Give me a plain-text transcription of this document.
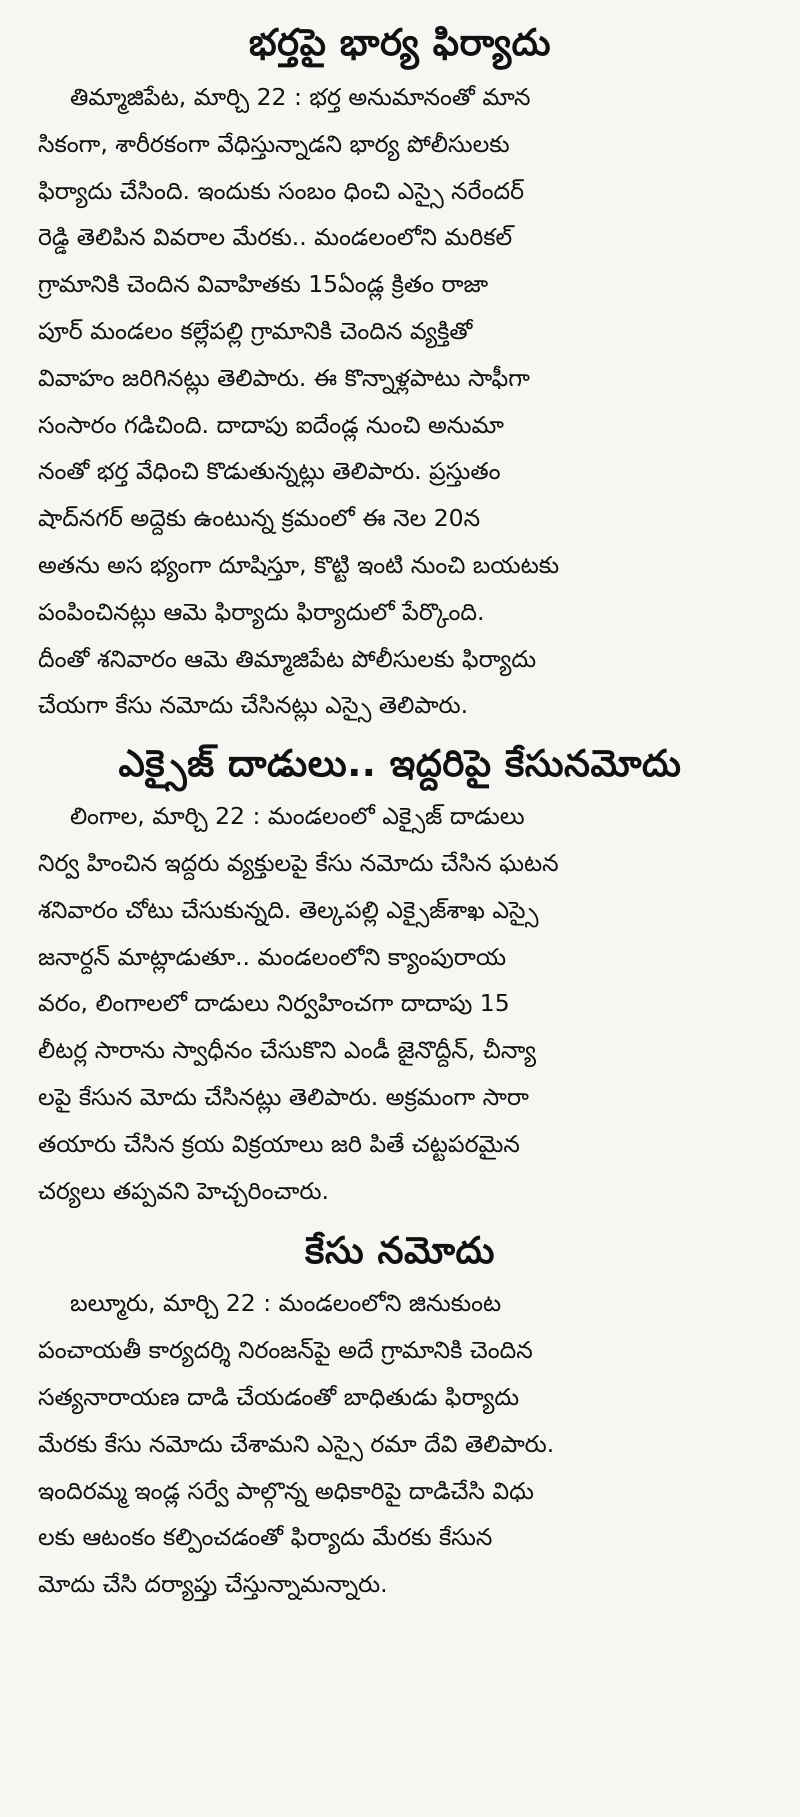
భర్తపై భార్య ఫిర్యాదు
తిమ్మాజిపేట, మార్చి 22 : భర్త అనుమానంతో మాన
సికంగా, శారీరకంగా వేధిస్తున్నాడని భార్య పోలీసులకు
ఫిర్యాదు చేసింది. ఇందుకు సంబం ధించి ఎస్సై నరేందర్
రెడ్డి తెలిపిన వివరాల మేరకు.. మండలంలోని మరికల్
గ్రామానికి చెందిన వివాహితకు 15ఏండ్ల క్రితం రాజా
పూర్ మండలం కల్లేపల్లి గ్రామానికి చెందిన వ్యక్తితో
వివాహం జరిగినట్లు తెలిపారు. ఈ కొన్నాళ్లపాటు సాఫీగా
సంసారం గడిచింది. దాదాపు ఐదేండ్ల నుంచి అనుమా
నంతో భర్త వేధించి కొడుతున్నట్లు తెలిపారు. ప్రస్తుతం
షాద్‌నగర్ అద్దెకు ఉంటున్న క్రమంలో ఈ నెల 20న
అతను అస భ్యంగా దూషిస్తూ, కొట్టి ఇంటి నుంచి బయటకు
పంపించినట్లు ఆమె ఫిర్యాదు ఫిర్యాదులో పేర్కొంది.
దీంతో శనివారం ఆమె తిమ్మాజిపేట పోలీసులకు ఫిర్యాదు
చేయగా కేసు నమోదు చేసినట్లు ఎస్సై తెలిపారు.
ఎక్సైజ్ దాడులు.. ఇద్దరిపై కేసునమోదు
లింగాల, మార్చి 22 : మండలంలో ఎక్సైజ్ దాడులు
నిర్వ హించిన ఇద్దరు వ్యక్తులపై కేసు నమోదు చేసిన ఘటన
శనివారం చోటు చేసుకున్నది. తెల్కపల్లి ఎక్సైజ్‌శాఖ ఎస్సై
జనార్దన్ మాట్లాడుతూ.. మండలంలోని క్యాంపురాయ
వరం, లింగాలలో దాడులు నిర్వహించగా దాదాపు 15
లీటర్ల సారాను స్వాధీనం చేసుకొని ఎండీ జైనొద్దీన్, చీన్యా
లపై కేసున మోదు చేసినట్లు తెలిపారు. అక్రమంగా సారా
తయారు చేసిన క్రయ విక్రయాలు జరి పితే చట్టపరమైన
చర్యలు తప్పవని హెచ్చరించారు.
కేసు నమోదు
బల్మూరు, మార్చి 22 : మండలంలోని జినుకుంట
పంచాయతీ కార్యదర్శి నిరంజన్‌పై అదే గ్రామానికి చెందిన
సత్యనారాయణ దాడి చేయడంతో బాధితుడు ఫిర్యాదు
మేరకు కేసు నమోదు చేశామని ఎస్సై రమా దేవి తెలిపారు.
ఇందిరమ్మ ఇండ్ల సర్వే పాల్గొన్న అధికారిపై దాడిచేసి విధు
లకు ఆటంకం కల్పించడంతో ఫిర్యాదు మేరకు కేసున
మోదు చేసి దర్యాప్తు చేస్తున్నామన్నారు.
